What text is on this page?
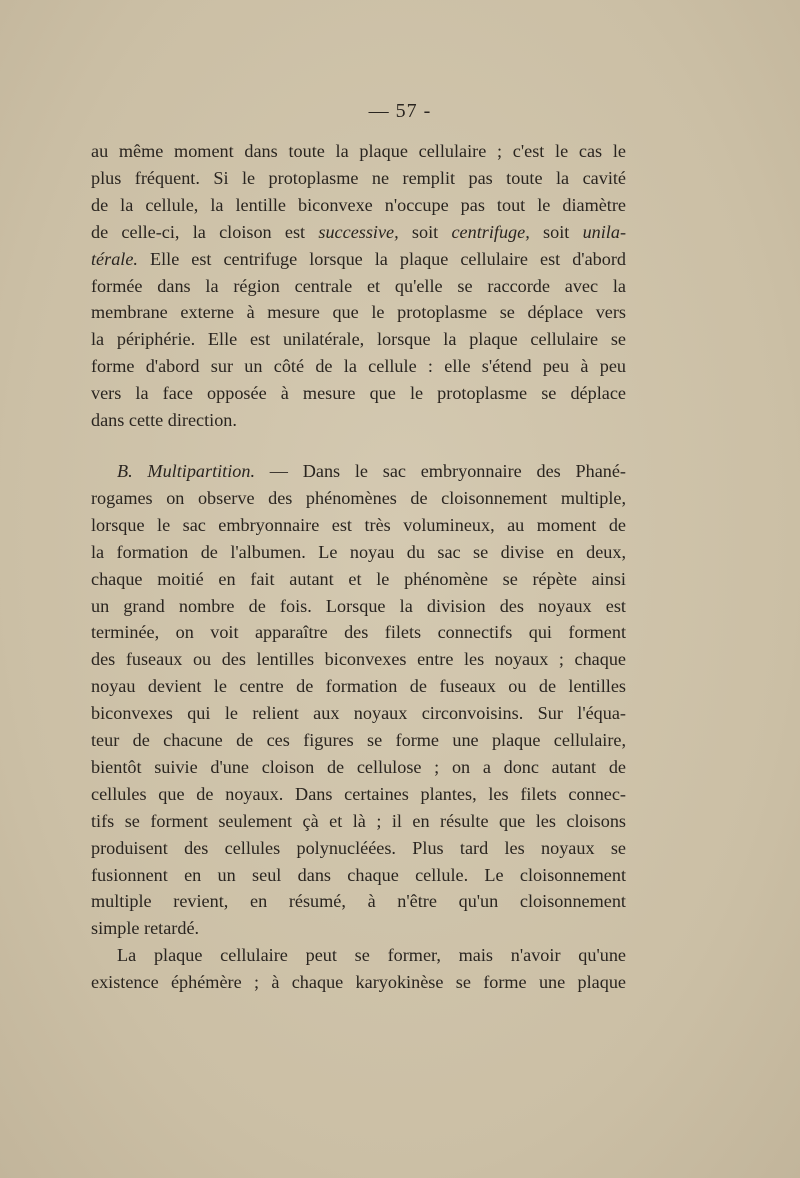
— 57 -

au même moment dans toute la plaque cellulaire ; c'est le cas le
plus fréquent. Si le protoplasme ne remplit pas toute la cavité
de la cellule, la lentille biconvexe n'occupe pas tout le diamètre
de celle-ci, la cloison est successive, soit centrifuge, soit unila-
térale. Elle est centrifuge lorsque la plaque cellulaire est d'abord
formée dans la région centrale et qu'elle se raccorde avec la
membrane externe à mesure que le protoplasme se déplace vers
la périphérie. Elle est unilatérale, lorsque la plaque cellulaire se
forme d'abord sur un côté de la cellule : elle s'étend peu à peu
vers la face opposée à mesure que le protoplasme se déplace
dans cette direction.

B. Multipartition. — Dans le sac embryonnaire des Phané-
rogames on observe des phénomènes de cloisonnement multiple,
lorsque le sac embryonnaire est très volumineux, au moment de
la formation de l'albumen. Le noyau du sac se divise en deux,
chaque moitié en fait autant et le phénomène se répète ainsi
un grand nombre de fois. Lorsque la division des noyaux est
terminée, on voit apparaître des filets connectifs qui forment
des fuseaux ou des lentilles biconvexes entre les noyaux ; chaque
noyau devient le centre de formation de fuseaux ou de lentilles
biconvexes qui le relient aux noyaux circonvoisins. Sur l'équa-
teur de chacune de ces figures se forme une plaque cellulaire,
bientôt suivie d'une cloison de cellulose ; on a donc autant de
cellules que de noyaux. Dans certaines plantes, les filets connec-
tifs se forment seulement çà et là ; il en résulte que les cloisons
produisent des cellules polynucléées. Plus tard les noyaux se
fusionnent en un seul dans chaque cellule. Le cloisonnement
multiple revient, en résumé, à n'être qu'un cloisonnement
simple retardé.

La plaque cellulaire peut se former, mais n'avoir qu'une
existence éphémère ; à chaque karyokinèse se forme une plaque
